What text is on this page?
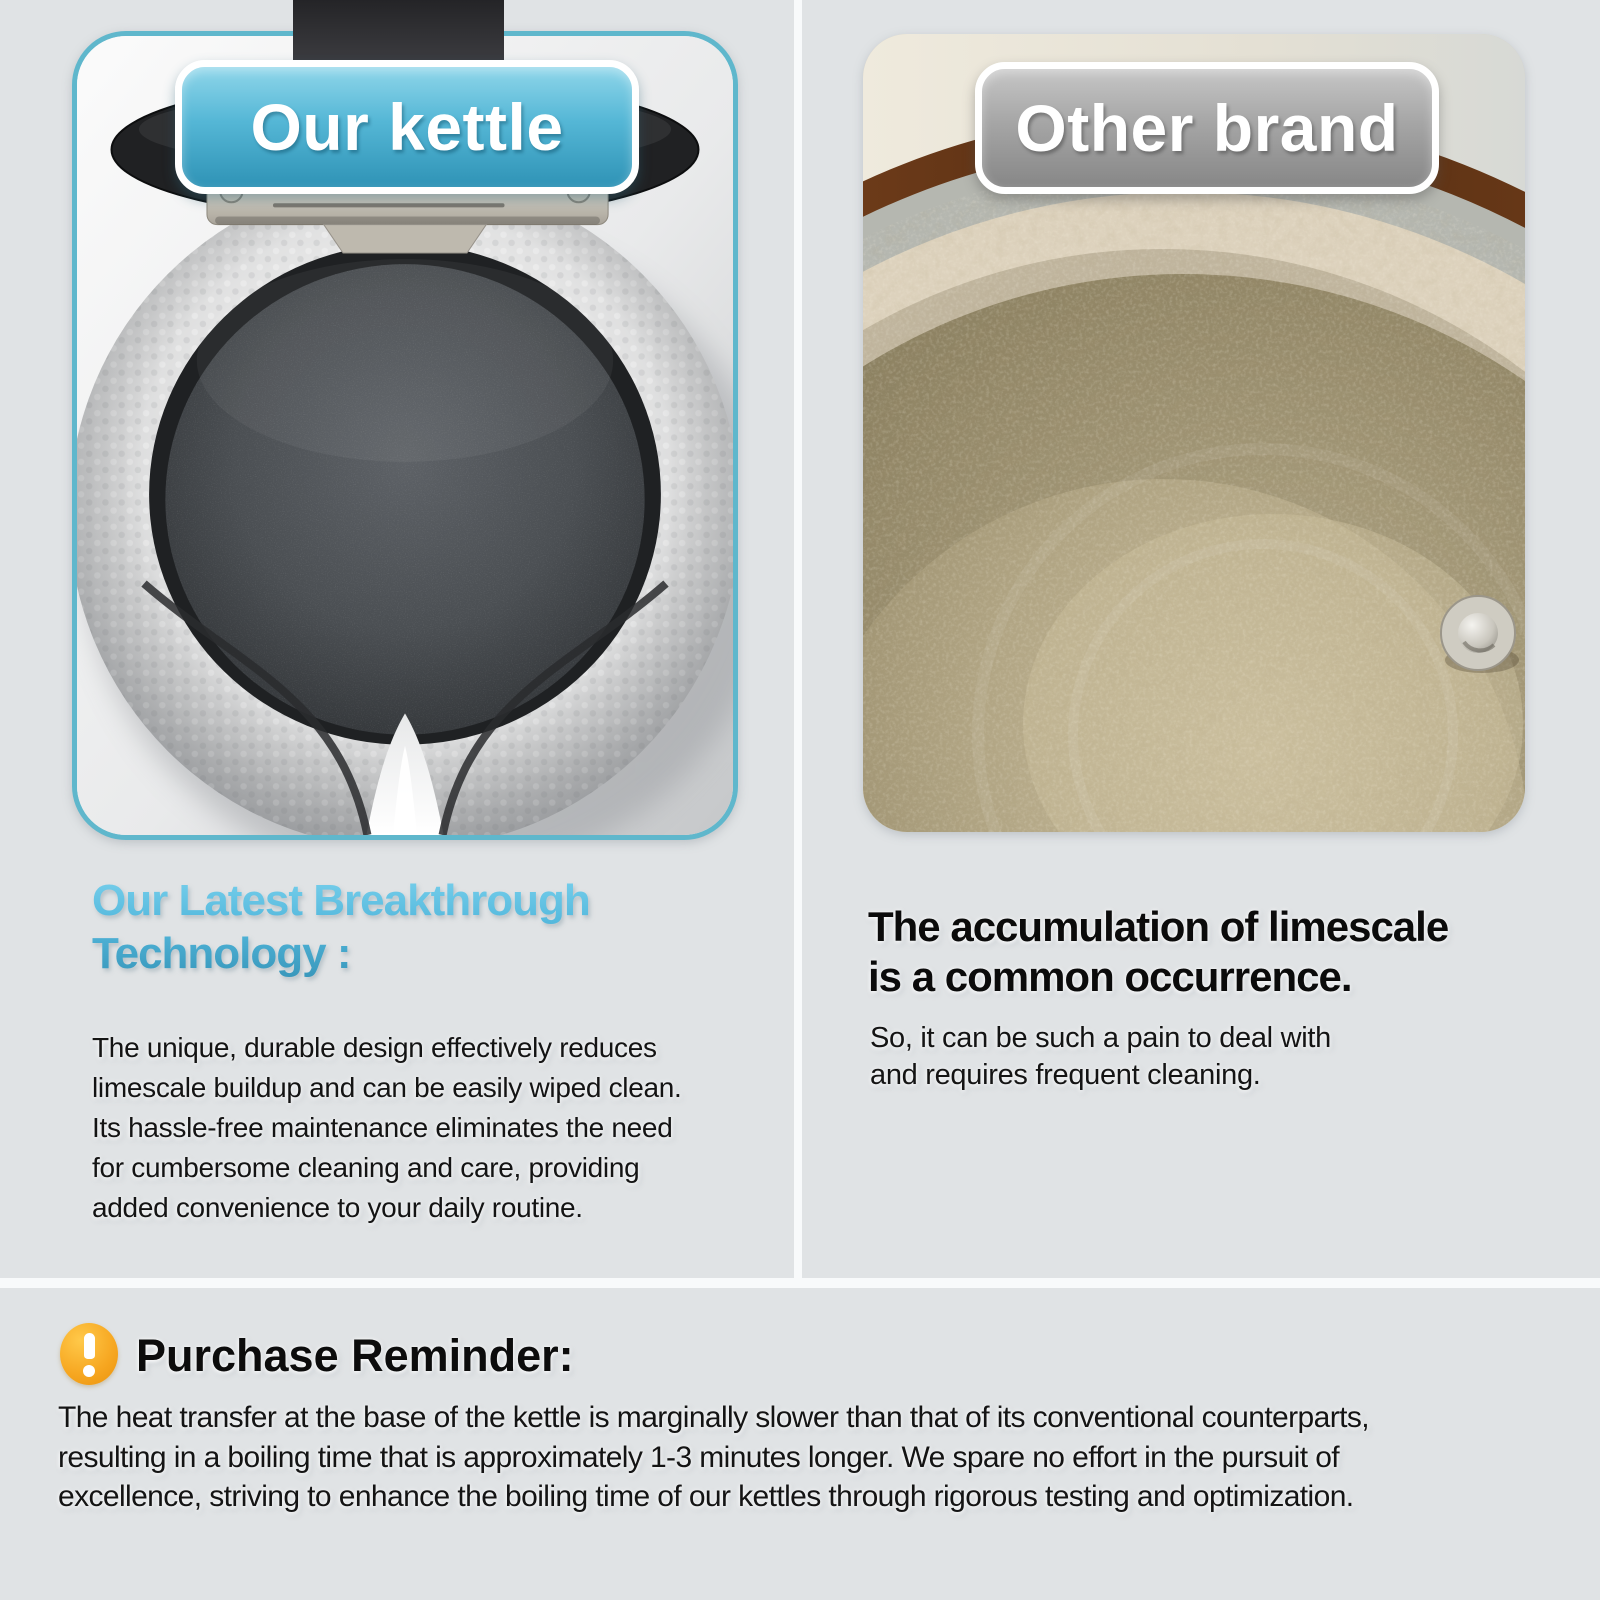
Our kettle	Other brand
Our Latest Breakthrough
Technology :
The unique, durable design effectively reduces
limescale buildup and can be easily wiped clean.
Its hassle-free maintenance eliminates the need
for cumbersome cleaning and care, providing
added convenience to your daily routine.
The accumulation of limescale
is a common occurrence.
So, it can be such a pain to deal with
and requires frequent cleaning.
Purchase Reminder:
The heat transfer at the base of the kettle is marginally slower than that of its conventional counterparts,
resulting in a boiling time that is approximately 1-3 minutes longer. We spare no effort in the pursuit of
excellence, striving to enhance the boiling time of our kettles through rigorous testing and optimization.
